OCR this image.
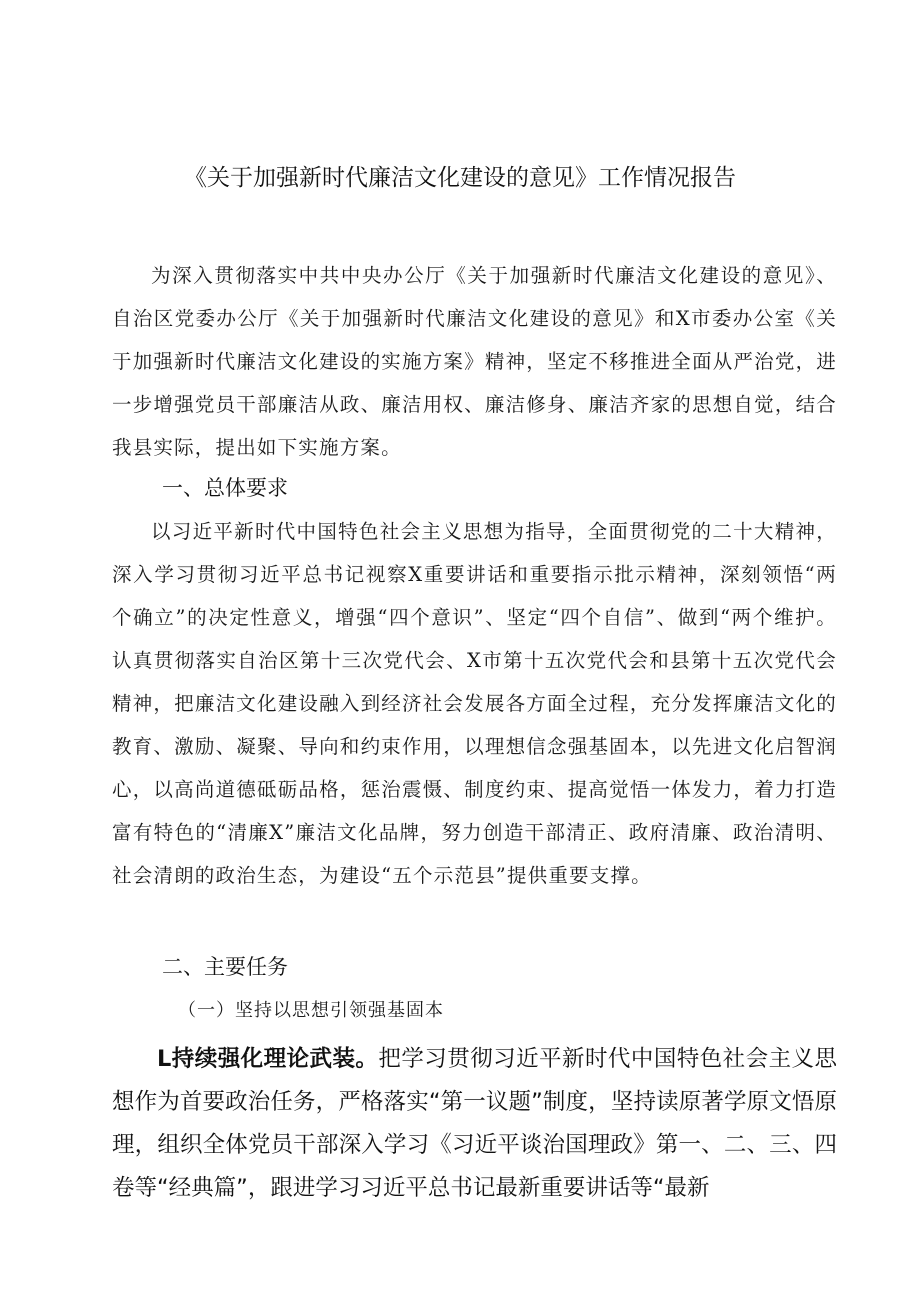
《关于加强新时代廉洁文化建设的意见》工作情况报告
为深入贯彻落实中共中央办公厅《关于加强新时代廉洁文化建设的意见》、自治区党委办公厅《关于加强新时代廉洁文化建设的意见》和X市委办公室《关于加强新时代廉洁文化建设的实施方案》精神，坚定不移推进全面从严治党，进一步增强党员干部廉洁从政、廉洁用权、廉洁修身、廉洁齐家的思想自觉，结合我县实际，提出如下实施方案。
一、总体要求
以习近平新时代中国特色社会主义思想为指导，全面贯彻党的二十大精神，深入学习贯彻习近平总书记视察X重要讲话和重要指示批示精神，深刻领悟“两个确立”的决定性意义，增强“四个意识”、坚定“四个自信”、做到“两个维护。认真贯彻落实自治区第十三次党代会、X市第十五次党代会和县第十五次党代会精神，把廉洁文化建设融入到经济社会发展各方面全过程，充分发挥廉洁文化的教育、激励、凝聚、导向和约束作用，以理想信念强基固本，以先进文化启智润心，以高尚道德砥砺品格，惩治震慑、制度约束、提高觉悟一体发力，着力打造富有特色的“清廉X”廉洁文化品牌，努力创造干部清正、政府清廉、政治清明、社会清朗的政治生态，为建设“五个示范县”提供重要支撑。
二、主要任务
（一）坚持以思想引领强基固本
L持续强化理论武装。把学习贯彻习近平新时代中国特色社会主义思想作为首要政治任务，严格落实“第一议题”制度，坚持读原著学原文悟原理，组织全体党员干部深入学习《习近平谈治国理政》第一、二、三、四卷等“经典篇”，跟进学习习近平总书记最新重要讲话等“最新
